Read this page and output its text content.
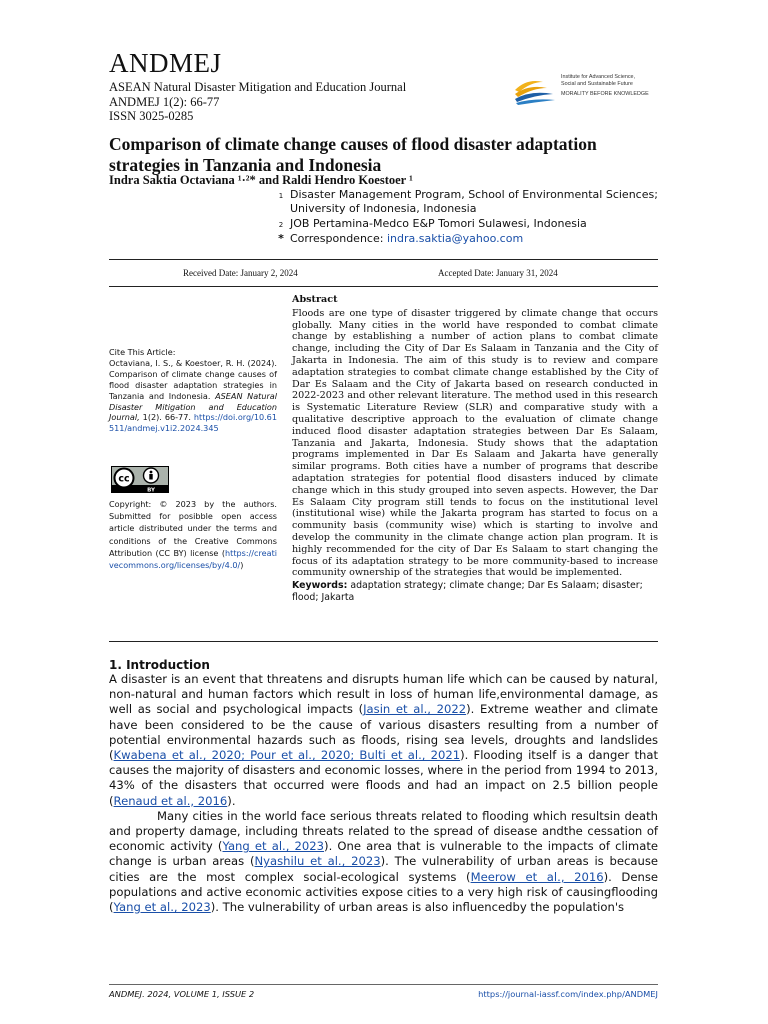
ANDMEJ
ASEAN Natural Disaster Mitigation and Education Journal
ANDMEJ 1(2): 66-77
ISSN 3025-0285
Institute for Advanced Science,
Social and Sustainable Future
MORALITY BEFORE KNOWLEDGE
Comparison of climate change causes of flood disaster adaptation strategies in Tanzania and Indonesia
Indra Saktia Octaviana ¹·²* and Raldi Hendro Koestoer ¹
1 Disaster Management Program, School of Environmental Sciences; University of Indonesia, Indonesia
2 JOB Pertamina-Medco E&P Tomori Sulawesi, Indonesia
* Correspondence: indra.saktia@yahoo.com
Received Date: January 2, 2024	Accepted Date: January 31, 2024
Cite This Article:
Octaviana, I. S., & Koestoer, R. H. (2024). Comparison of climate change causes of flood disaster adaptation strategies in Tanzania and Indonesia. ASEAN Natural Disaster Mitigation and Education Journal, 1(2). 66-77. https://doi.org/10.61511/andmej.v1i2.2024.345
cc
BY
Copyright: © 2023 by the authors. Submitted for posibble open access article distributed under the terms and conditions of the Creative Commons Attribution (CC BY) license (https://creativecommons.org/licenses/by/4.0/)
Abstract
Floods are one type of disaster triggered by climate change that occurs globally. Many cities in the world have responded to combat climate change by establishing a number of action plans to combat climate change, including the City of Dar Es Salaam in Tanzania and the City of Jakarta in Indonesia. The aim of this study is to review and compare adaptation strategies to combat climate change established by the City of Dar Es Salaam and the City of Jakarta based on research conducted in 2022-2023 and other relevant literature. The method used in this research is Systematic Literature Review (SLR) and comparative study with a qualitative descriptive approach to the evaluation of climate change induced flood disaster adaptation strategies between Dar Es Salaam, Tanzania and Jakarta, Indonesia. Study shows that the adaptation programs implemented in Dar Es Salaam and Jakarta have generally similar programs. Both cities have a number of programs that describe adaptation strategies for potential flood disasters induced by climate change which in this study grouped into seven aspects. However, the Dar Es Salaam City program still tends to focus on the institutional level (institutional wise) while the Jakarta program has started to focus on a community basis (community wise) which is starting to involve and develop the community in the climate change action plan program. It is highly recommended for the city of Dar Es Salaam to start changing the focus of its adaptation strategy to be more community-based to increase community ownership of the strategies that would be implemented.
Keywords: adaptation strategy; climate change; Dar Es Salaam; disaster; flood; Jakarta
1. Introduction

A disaster is an event that threatens and disrupts human life which can be caused by natural, non-natural and human factors which result in loss of human life,environmental damage, as well as social and psychological impacts (Jasin et al., 2022). Extreme weather and climate have been considered to be the cause of various disasters resulting from a number of potential environmental hazards such as floods, rising sea levels, droughts and landslides (Kwabena et al., 2020; Pour et al., 2020; Bulti et al., 2021). Flooding itself is a danger that causes the majority of disasters and economic losses, where in the period from 1994 to 2013, 43% of the disasters that occurred were floods and had an impact on 2.5 billion people (Renaud et al., 2016).

Many cities in the world face serious threats related to flooding which resultsin death and property damage, including threats related to the spread of disease andthe cessation of economic activity (Yang et al., 2023). One area that is vulnerable to the impacts of climate change is urban areas (Nyashilu et al., 2023). The vulnerability of urban areas is because cities are the most complex social-ecological systems (Meerow et al., 2016). Dense populations and active economic activities expose cities to a very high risk of causingflooding (Yang et al., 2023). The vulnerability of urban areas is also influencedby the population's

ANDMEJ. 2024, VOLUME 1, ISSUE 2	https://journal-iassf.com/index.php/ANDMEJ
